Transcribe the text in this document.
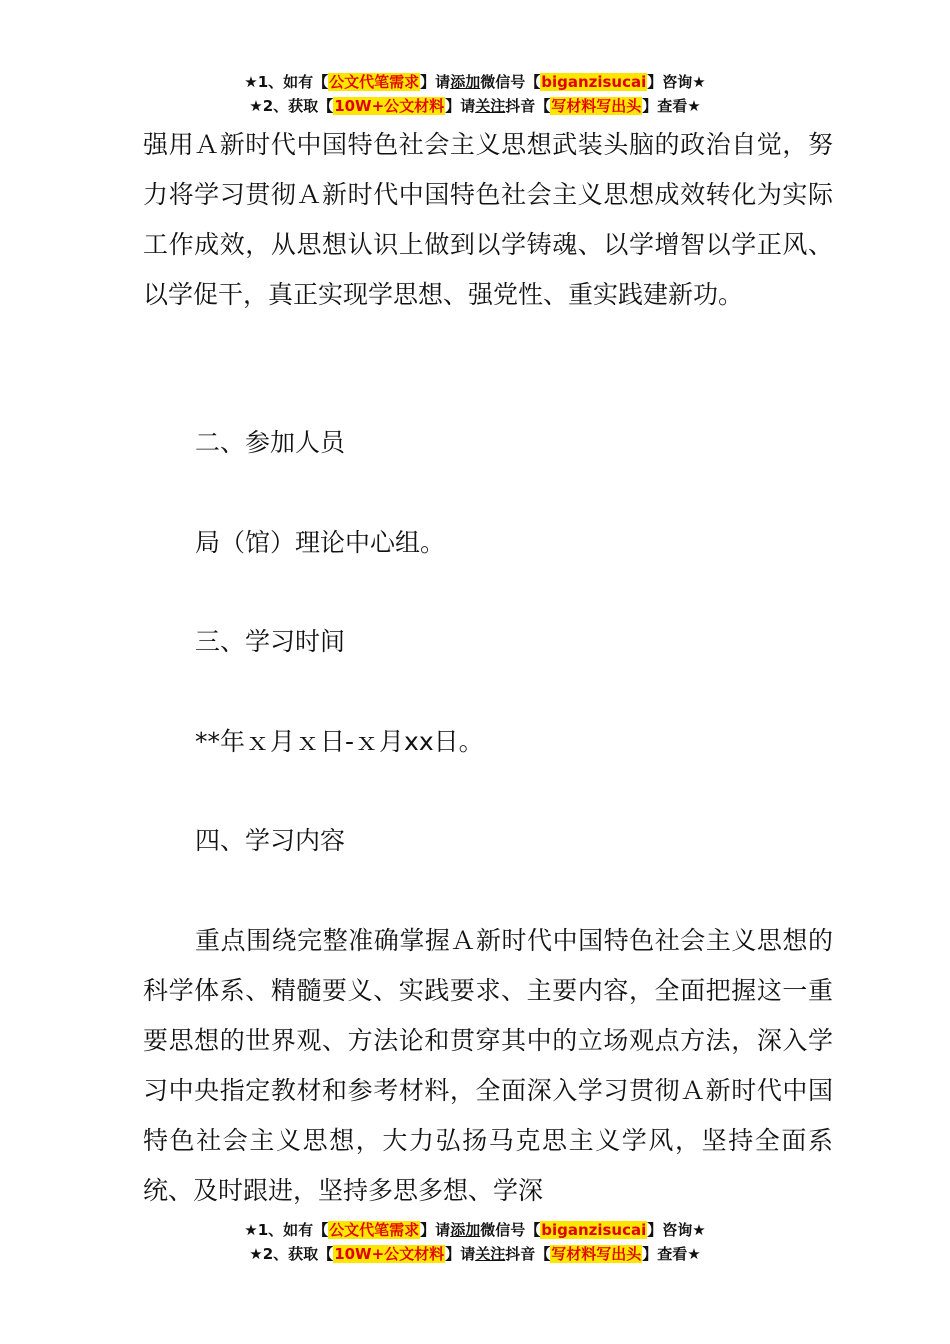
★1、如有【公文代笔需求】请添加微信号【biganzisucai】咨询★
★2、获取【10W+公文材料】请关注抖音【写材料写出头】查看★

强用Ａ新时代中国特色社会主义思想武装头脑的政治自觉，努力将学习贯彻Ａ新时代中国特色社会主义思想成效转化为实际工作成效，从思想认识上做到以学铸魂、以学增智以学正风、以学促干，真正实现学思想、强党性、重实践建新功。

二、参加人员
局（馆）理论中心组。
三、学习时间
**年ｘ月ｘ日-ｘ月xx日。
四、学习内容

重点围绕完整准确掌握Ａ新时代中国特色社会主义思想的科学体系、精髓要义、实践要求、主要内容，全面把握这一重要思想的世界观、方法论和贯穿其中的立场观点方法，深入学习中央指定教材和参考材料，全面深入学习贯彻Ａ新时代中国特色社会主义思想，大力弘扬马克思主义学风，坚持全面系统、及时跟进，坚持多思多想、学深

★1、如有【公文代笔需求】请添加微信号【biganzisucai】咨询★
★2、获取【10W+公文材料】请关注抖音【写材料写出头】查看★
